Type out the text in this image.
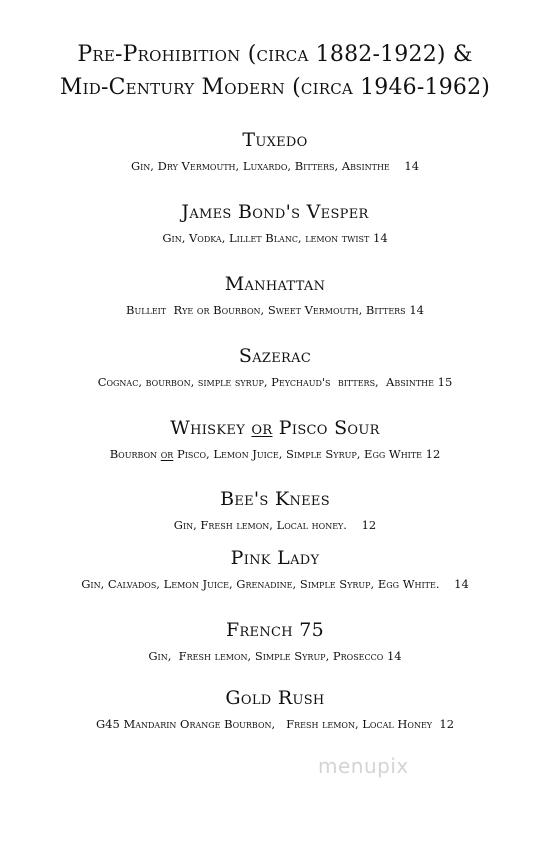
Pre-Prohibition (circa 1882-1922) &
Mid-Century Modern (circa 1946-1962)
Tuxedo
Gin, Dry Vermouth, Luxardo, Bitters, Absinthe 14
James Bond's Vesper
Gin, Vodka, Lillet Blanc, lemon twist 14
Manhattan
Bulleit  Rye or Bourbon, Sweet Vermouth, Bitters 14
Sazerac
Cognac, bourbon, simple syrup, Peychaud's  bitters,  Absinthe 15
Whiskey or Pisco Sour
Bourbon or Pisco, Lemon Juice, Simple Syrup, Egg White 12
Bee's Knees
Gin, Fresh lemon, Local honey. 12
Pink Lady
Gin, Calvados, Lemon Juice, Grenadine, Simple Syrup, Egg White. 14
French 75
Gin,  Fresh lemon, Simple Syrup, Prosecco 14
Gold Rush
G45 Mandarin Orange Bourbon,   Fresh lemon, Local Honey 12
menupix
